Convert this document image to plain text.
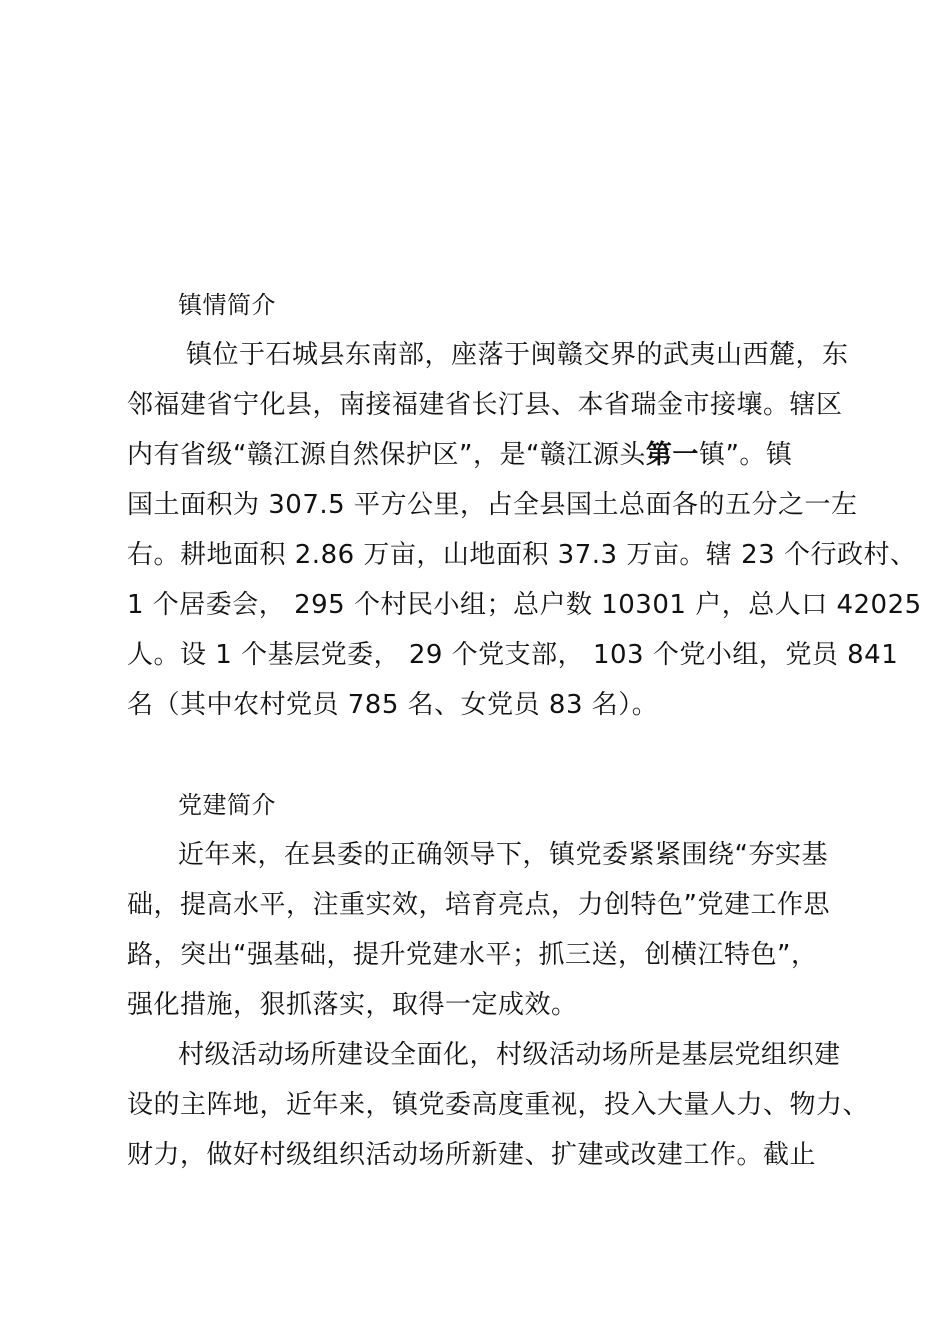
镇情简介
镇位于石城县东南部，座落于闽赣交界的武夷山西麓，东
邻福建省宁化县，南接福建省长汀县、本省瑞金市接壤。辖区
内有省级“赣江源自然保护区”，是“赣江源头第一镇”。镇
国土面积为 307.5 平方公里，占全县国土总面各的五分之一左
右。耕地面积 2.86 万亩，山地面积 37.3 万亩。辖 23 个行政村、
1 个居委会， 295 个村民小组；总户数 10301 户，总人口 42025
人。设 1 个基层党委， 29 个党支部， 103 个党小组，党员 841
名（其中农村党员 785 名、女党员 83 名）。
党建简介
近年来，在县委的正确领导下，镇党委紧紧围绕“夯实基
础，提高水平，注重实效，培育亮点，力创特色”党建工作思
路，突出“强基础，提升党建水平；抓三送，创横江特色”，
强化措施，狠抓落实，取得一定成效。
村级活动场所建设全面化，村级活动场所是基层党组织建
设的主阵地，近年来，镇党委高度重视，投入大量人力、物力、
财力，做好村级组织活动场所新建、扩建或改建工作。截止
